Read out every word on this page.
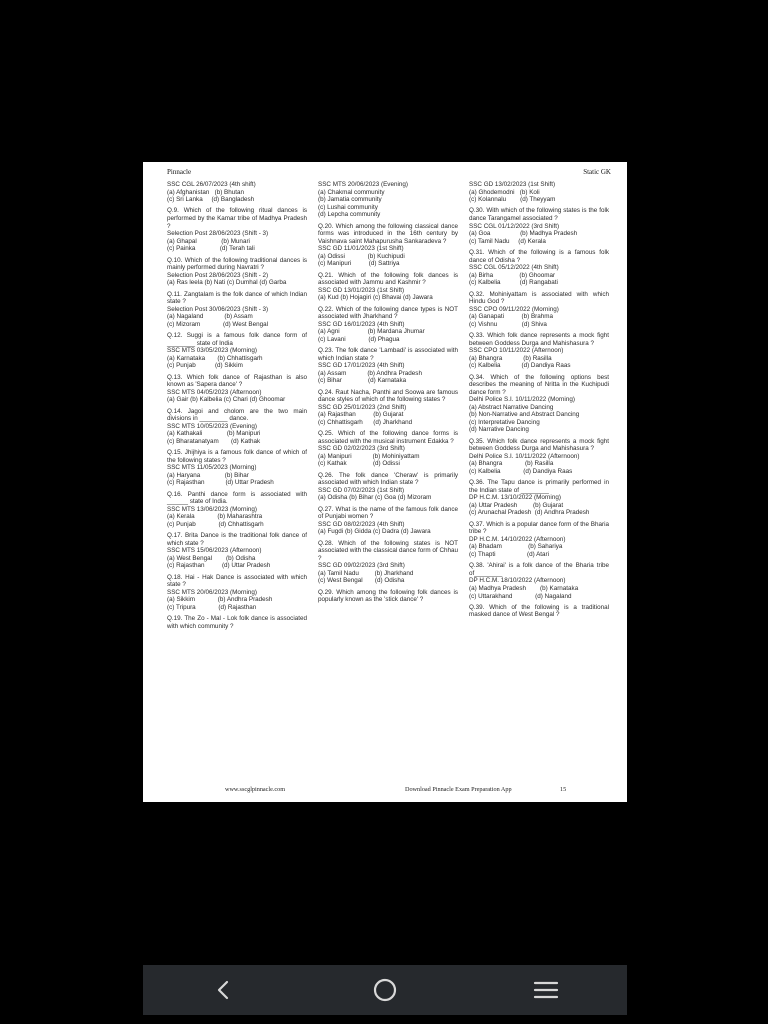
Pinnacle	Static GK
SSC CGL 26/07/2023 (4th shift)
(a) Afghanistan   (b) Bhutan
(c) Sri Lanka     (d) Bangladesh
Q.9. Which of the following ritual dances is performed by the Kamar tribe of Madhya Pradesh ?
Selection Post 28/06/2023 (Shift - 3)
(a) Ghapal              (b) Munari
(c) Painka              (d) Terah tali
Q.10. Which of the following traditional dances is mainly performed during Navratri ?
Selection Post 28/06/2023 (Shift - 2)
(a) Ras leela (b) Nati (c) Dumhal (d) Garba
Q.11. Zangtalam is the folk dance of which Indian state ?
Selection Post 30/06/2023 (Shift - 3)
(a) Nagaland            (b) Assam
(c) Mizoram             (d) West Bengal
Q.12. Suggi is a famous folk dance form of ________ state of India
SSC MTS 03/05/2023 (Morning)
(a) Karnataka       (b) Chhattisgarh
(c) Punjab           (d) Sikkim
Q.13. Which folk dance of Rajasthan is also known as 'Sapera dance' ?
SSC MTS 04/05/2023 (Afternoon)
(a) Gair (b) Kalbelia (c) Chari (d) Ghoomar
Q.14. Jagoi and cholom are the two main divisions in ________ dance.
SSC MTS 10/05/2023 (Evening)
(a) Kathakali              (b) Manipuri
(c) Bharatanatyam       (d) Kathak
Q.15. Jhijhiya is a famous folk dance of which of the following states ?
SSC MTS 11/05/2023 (Morning)
(a) Haryana              (b) Bihar
(c) Rajasthan            (d) Uttar Pradesh
Q.16. Panthi dance form is associated with ______ state of India.
SSC MTS 13/06/2023 (Morning)
(a) Kerala             (b) Maharashtra
(c) Punjab             (d) Chhattisgarh
Q.17. Brita Dance is the traditional folk dance of which state ?
SSC MTS 15/06/2023 (Afternoon)
(a) West Bengal        (b) Odisha
(c) Rajasthan          (d) Uttar Pradesh
Q.18. Hai - Hak Dance is associated with which state ?
SSC MTS 20/06/2023 (Morning)
(a) Sikkim             (b) Andhra Pradesh
(c) Tripura             (d) Rajasthan
Q.19. The Zo - Mal - Lok folk dance is associated with which community ?
SSC MTS 20/06/2023 (Evening)
(a) Chakmal community
(b) Jamatia community
(c) Lushai community
(d) Lepcha community
Q.20. Which among the following classical dance forms was introduced in the 16th century by Vaishnava saint Mahapurusha Sankaradeva ?
SSC GD 11/01/2023 (1st Shift)
(a) Odissi             (b) Kuchipudi
(c) Manipuri          (d) Sattriya
Q.21. Which of the following folk dances is associated with Jammu and Kashmir ?
SSC GD 13/01/2023 (1st Shift)
(a) Kud (b) Hojagiri (c) Bhavai (d) Jawara
Q.22. Which of the following dance types is NOT associated with Jharkhand ?
SSC GD 16/01/2023 (4th Shift)
(a) Agni                (b) Mardana Jhumar
(c) Lavani             (d) Phagua
Q.23. The folk dance 'Lambadi' is associated with which Indian state ?
SSC GD 17/01/2023 (4th Shift)
(a) Assam            (b) Andhra Pradesh
(c) Bihar               (d) Karnataka
Q.24. Raut Nacha, Panthi and Soowa are famous dance styles of which of the following states ?
SSC GD 25/01/2023 (2nd Shift)
(a) Rajasthan          (b) Gujarat
(c) Chhattisgarh      (d) Jharkhand
Q.25. Which of the following dance forms is associated with the musical instrument Edakka ?
SSC GD 02/02/2023 (3rd Shift)
(a) Manipuri            (b) Mohiniyattam
(c) Kathak               (d) Odissi
Q.26. The folk dance 'Cheraw' is primarily associated with which Indian state ?
SSC GD 07/02/2023 (1st Shift)
(a) Odisha (b) Bihar (c) Goa (d) Mizoram
Q.27. What is the name of the famous folk dance of Punjabi women ?
SSC GD 08/02/2023 (4th Shift)
(a) Fugdi (b) Gidda (c) Dadra (d) Jawara
Q.28. Which of the following states is NOT associated with the classical dance form of Chhau ?
SSC GD 09/02/2023 (3rd Shift)
(a) Tamil Nadu         (b) Jharkhand
(c) West Bengal       (d) Odisha
Q.29. Which among the following folk dances is popularly known as the 'stick dance' ?
SSC GD 13/02/2023 (1st Shift)
(a) Ghodemodni   (b) Koli
(c) Kolannalu        (d) Theyyam
Q.30. With which of the following states is the folk dance Tarangamel associated ?
SSC CGL 01/12/2022 (3rd Shift)
(a) Goa                 (b) Madhya Pradesh
(c) Tamil Nadu     (d) Kerala
Q.31. Which of the following is a famous folk dance of Odisha ?
SSC CGL 05/12/2022 (4th Shift)
(a) Birha               (b) Ghoomar
(c) Kalbelia           (d) Rangabati
Q.32. Mohiniyattam is associated with which Hindu God ?
SSC CPO 09/11/2022 (Morning)
(a) Ganapati          (b) Brahma
(c) Vishnu              (d) Shiva
Q.33. Which folk dance represents a mock fight between Goddess Durga and Mahishasura ?
SSC CPO 10/11/2022 (Afternoon)
(a) Bhangra            (b) Rasilla
(c) Kalbelia            (d) Dandiya Raas
Q.34. Which of the following options best describes the meaning of Nritta in the Kuchipudi dance form ?
Delhi Police S.I. 10/11/2022 (Morning)
(a) Abstract Narrative Dancing
(b) Non-Narrative and Abstract Dancing
(c) Interpretative Dancing
(d) Narrative Dancing
Q.35. Which folk dance represents a mock fight between Goddess Durga and Mahishasura ?
Delhi Police S.I. 10/11/2022 (Afternoon)
(a) Bhangra             (b) Rasilla
(c) Kalbelia             (d) Dandiya Raas
Q.36. The Tapu dance is primarily performed in the Indian state of ________
DP H.C.M. 13/10/2022 (Morning)
(a) Uttar Pradesh         (b) Gujarat
(c) Arunachal Pradesh  (d) Andhra Pradesh
Q.37. Which is a popular dance form of the Bharia tribe ?
DP H.C.M. 14/10/2022 (Afternoon)
(a) Bhadam               (b) Sahariya
(c) Thapti                  (d) Atari
Q.38. 'Ahirai' is a folk dance of the Bharia tribe of________
DP H.C.M. 18/10/2022 (Afternoon)
(a) Madhya Pradesh        (b) Karnataka
(c) Uttarakhand             (d) Nagaland
Q.39. Which of the following is a traditional masked dance of West Bengal ?
www.sscglpinnacle.com	Download Pinnacle Exam Preparation App	15
